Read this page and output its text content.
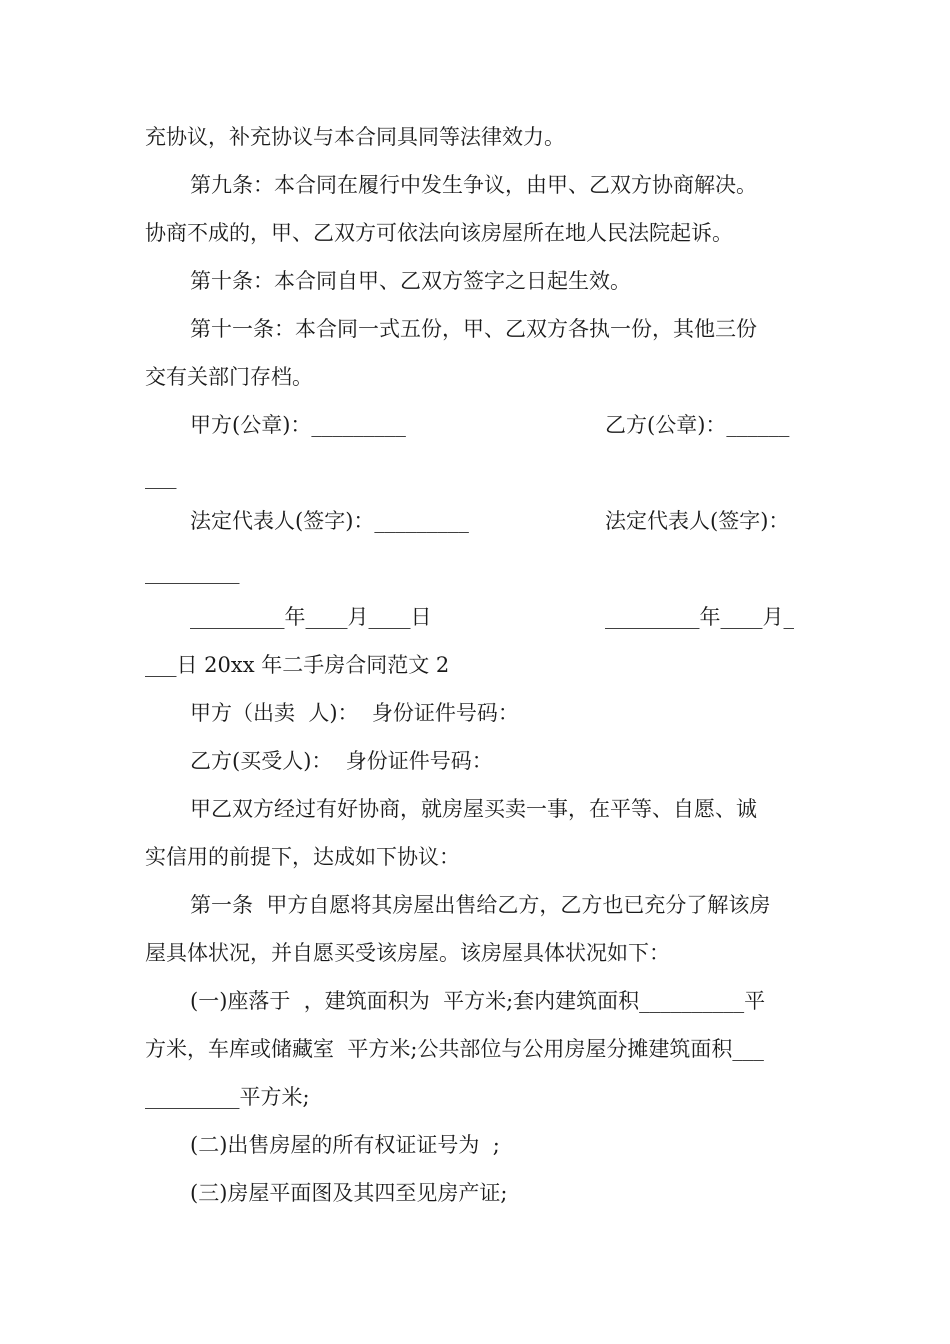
充协议，补充协议与本合同具同等法律效力。
第九条：本合同在履行中发生争议，由甲、乙双方协商解决。
协商不成的，甲、乙双方可依法向该房屋所在地人民法院起诉。
第十条：本合同自甲、乙双方签字之日起生效。
第十一条：本合同一式五份，甲、乙双方各执一份，其他三份
交有关部门存档。
甲方(公章)：_________	乙方(公章)：______
___
法定代表人(签字)：_________	法定代表人(签字)：
_________
_________年____月____日	_________年____月_
___日 20xx 年二手房合同范文 2
甲方（出卖  人)：  身份证件号码：
乙方(买受人)：  身份证件号码：
甲乙双方经过有好协商，就房屋买卖一事，在平等、自愿、诚
实信用的前提下，达成如下协议：
第一条  甲方自愿将其房屋出售给乙方，乙方也已充分了解该房
屋具体状况，并自愿买受该房屋。该房屋具体状况如下：
(一)座落于  ，建筑面积为  平方米;套内建筑面积__________平
方米，车库或储藏室  平方米;公共部位与公用房屋分摊建筑面积___
_________平方米;
(二)出售房屋的所有权证证号为  ;
(三)房屋平面图及其四至见房产证;
